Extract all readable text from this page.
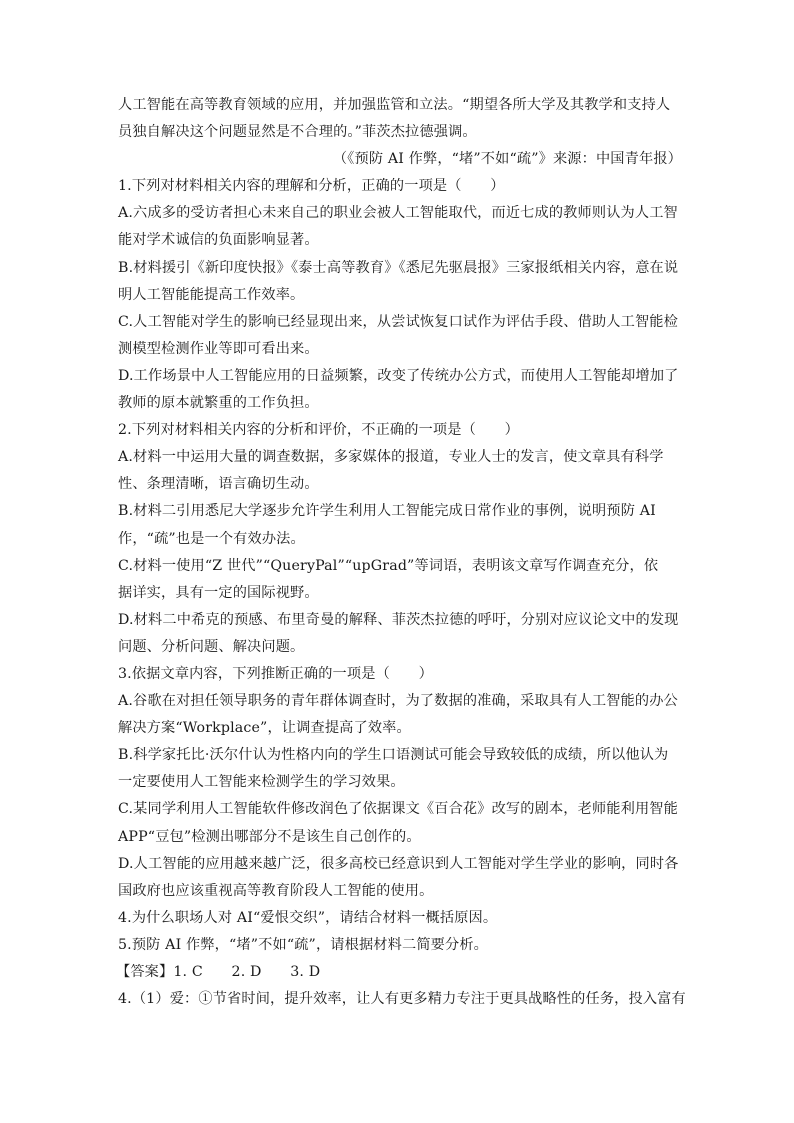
人工智能在高等教育领域的应用，并加强监管和立法。“期望各所大学及其教学和支持人
员独自解决这个问题显然是不合理的。”菲茨杰拉德强调。
（《预防 AI 作弊，“堵”不如“疏”》来源：中国青年报）
1.下列对材料相关内容的理解和分析，正确的一项是（　　）
A.六成多的受访者担心未来自己的职业会被人工智能取代，而近七成的教师则认为人工智
能对学术诚信的负面影响显著。
B.材料援引《新印度快报》《泰士高等教育》《悉尼先驱晨报》三家报纸相关内容，意在说
明人工智能能提高工作效率。
C.人工智能对学生的影响已经显现出来，从尝试恢复口试作为评估手段、借助人工智能检
测模型检测作业等即可看出来。
D.工作场景中人工智能应用的日益频繁，改变了传统办公方式，而使用人工智能却增加了
教师的原本就繁重的工作负担。
2.下列对材料相关内容的分析和评价，不正确的一项是（　　）
A.材料一中运用大量的调查数据，多家媒体的报道，专业人士的发言，使文章具有科学
性、条理清晰，语言确切生动。
B.材料二引用悉尼大学逐步允许学生利用人工智能完成日常作业的事例，说明预防 AI
作，“疏”也是一个有效办法。
C.材料一使用“Z 世代”“QueryPal”“upGrad”等词语，表明该文章写作调查充分，依
据详实，具有一定的国际视野。
D.材料二中希克的预感、布里奇曼的解释、菲茨杰拉德的呼吁，分别对应议论文中的发现
问题、分析问题、解决问题。
3.依据文章内容，下列推断正确的一项是（　　）
A.谷歌在对担任领导职务的青年群体调查时，为了数据的准确，采取具有人工智能的办公
解决方案“Workplace”，让调查提高了效率。
B.科学家托比·沃尔什认为性格内向的学生口语测试可能会导致较低的成绩，所以他认为
一定要使用人工智能来检测学生的学习效果。
C.某同学利用人工智能软件修改润色了依据课文《百合花》改写的剧本，老师能利用智能
APP“豆包”检测出哪部分不是该生自己创作的。
D.人工智能的应用越来越广泛，很多高校已经意识到人工智能对学生学业的影响，同时各
国政府也应该重视高等教育阶段人工智能的使用。
4.为什么职场人对 AI“爱恨交织”，请结合材料一概括原因。
5.预防 AI 作弊，“堵”不如“疏”，请根据材料二简要分析。
【答案】1. C　　2. D　　3. D
4.（1）爱：①节省时间，提升效率，让人有更多精力专注于更具战略性的任务，投入富有
